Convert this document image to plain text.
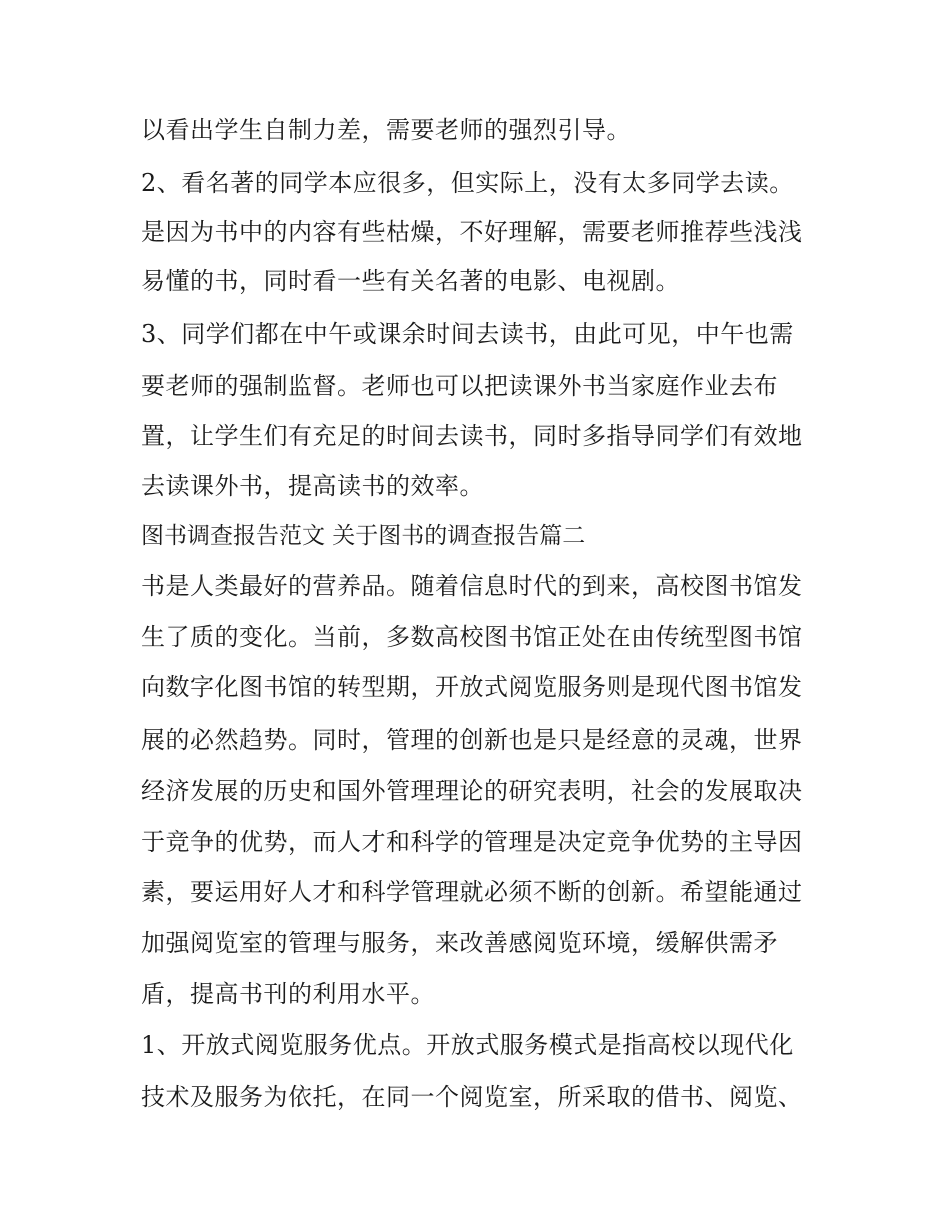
以看出学生自制力差，需要老师的强烈引导。
2、看名著的同学本应很多，但实际上，没有太多同学去读。
是因为书中的内容有些枯燥，不好理解，需要老师推荐些浅浅
易懂的书，同时看一些有关名著的电影、电视剧。
3、同学们都在中午或课余时间去读书，由此可见，中午也需
要老师的强制监督。老师也可以把读课外书当家庭作业去布
置，让学生们有充足的时间去读书，同时多指导同学们有效地
去读课外书，提高读书的效率。
图书调查报告范文 关于图书的调查报告篇二
书是人类最好的营养品。随着信息时代的到来，高校图书馆发
生了质的变化。当前，多数高校图书馆正处在由传统型图书馆
向数字化图书馆的转型期，开放式阅览服务则是现代图书馆发
展的必然趋势。同时，管理的创新也是只是经意的灵魂，世界
经济发展的历史和国外管理理论的研究表明，社会的发展取决
于竞争的优势，而人才和科学的管理是决定竞争优势的主导因
素，要运用好人才和科学管理就必须不断的创新。希望能通过
加强阅览室的管理与服务，来改善感阅览环境，缓解供需矛
盾，提高书刊的利用水平。
1、开放式阅览服务优点。开放式服务模式是指高校以现代化
技术及服务为依托，在同一个阅览室，所采取的借书、阅览、
